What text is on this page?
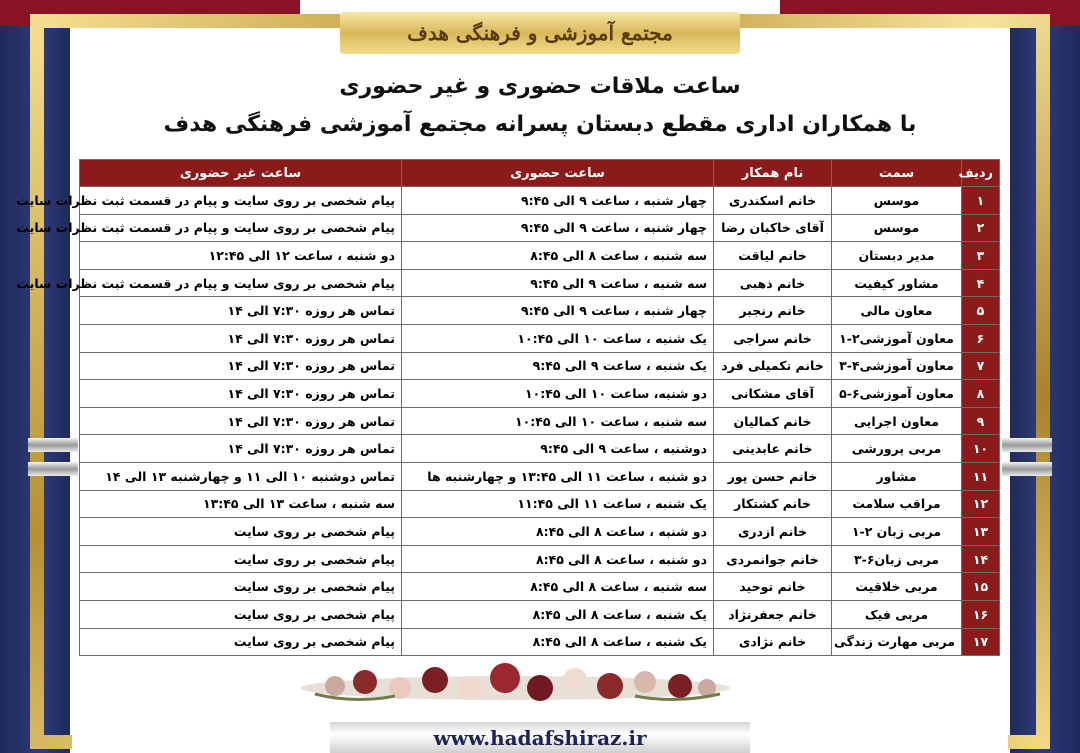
مجتمع آموزشی و فرهنگی هدف
ساعت ملاقات حضوری و غیر حضوری
با همکاران اداری مقطع دبستان پسرانه مجتمع آموزشی فرهنگی هدف
ردیف	سمت	نام همکار	ساعت حضوری	ساعت غیر حضوری
۱	موسس	خانم اسکندری	چهار شنبه ، ساعت ۹ الی ۹:۴۵	پیام شخصی بر روی سایت و پیام در قسمت ثبت نظرات سایت
۲	موسس	آقای خاکبان رضا	چهار شنبه ، ساعت ۹ الی ۹:۴۵	پیام شخصی بر روی سایت و پیام در قسمت ثبت نظرات سایت
۳	مدیر دبستان	خانم لیاقت	سه شنبه ، ساعت ۸ الی ۸:۴۵	دو شنبه ، ساعت ۱۲ الی ۱۲:۴۵
۴	مشاور کیفیت	خانم ذهبی	سه شنبه ، ساعت ۹ الی ۹:۴۵	پیام شخصی بر روی سایت و پیام در قسمت ثبت نظرات سایت
۵	معاون مالی	خانم رنجبر	چهار شنبه ، ساعت ۹ الی ۹:۴۵	تماس هر روزه ۷:۳۰ الی ۱۴
۶	معاون آموزشی۲-۱	خانم سراجی	یک شنبه ، ساعت ۱۰ الی ۱۰:۴۵	تماس هر روزه ۷:۳۰ الی ۱۴
۷	معاون آموزشی۴-۳	خانم تکمیلی فرد	یک شنبه ، ساعت ۹ الی ۹:۴۵	تماس هر روزه ۷:۳۰ الی ۱۴
۸	معاون آموزشی۶-۵	آقای مشکانی	دو شنبه، ساعت ۱۰ الی ۱۰:۴۵	تماس هر روزه ۷:۳۰ الی ۱۴
۹	معاون اجرایی	خانم کمالیان	سه شنبه ، ساعت ۱۰ الی ۱۰:۴۵	تماس هر روزه ۷:۳۰ الی ۱۴
۱۰	مربی پرورشی	خانم عابدینی	دوشنبه ، ساعت ۹ الی ۹:۴۵	تماس هر روزه ۷:۳۰ الی ۱۴
۱۱	مشاور	خانم حسن پور	دو شنبه ، ساعت ۱۱ الی ۱۳:۴۵ و چهارشنبه ها	تماس دوشنبه ۱۰ الی ۱۱ و چهارشنبه ۱۳ الی ۱۴
۱۲	مراقب سلامت	خانم کشتکار	یک شنبه ، ساعت ۱۱ الی ۱۱:۴۵	سه شنبه ، ساعت ۱۳ الی ۱۳:۴۵
۱۳	مربی زبان ۲-۱	خانم ازدری	دو شنبه ، ساعت ۸ الی ۸:۴۵	پیام شخصی بر روی سایت
۱۴	مربی زبان۶-۳	خانم جوانمردی	دو شنبه ، ساعت ۸ الی ۸:۴۵	پیام شخصی بر روی سایت
۱۵	مربی خلاقیت	خانم توحید	سه شنبه ، ساعت ۸ الی ۸:۴۵	پیام شخصی بر روی سایت
۱۶	مربی فیک	خانم جعفرنژاد	یک شنبه ، ساعت ۸ الی ۸:۴۵	پیام شخصی بر روی سایت
۱۷	مربی مهارت زندگی	خانم نژادی	یک شنبه ، ساعت ۸ الی ۸:۴۵	پیام شخصی بر روی سایت
www.hadafshiraz.ir
